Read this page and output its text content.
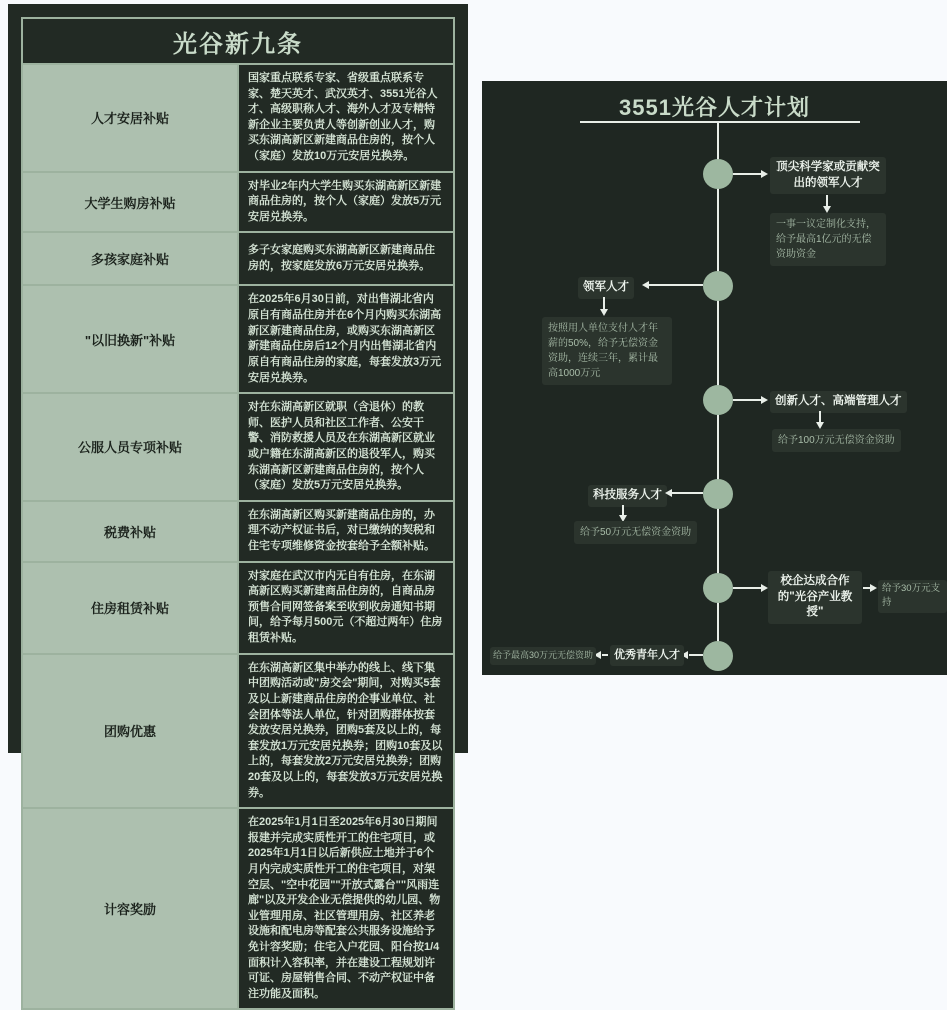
光谷新九条	
人才安居补贴	国家重点联系专家、省级重点联系专家、楚天英才、武汉英才、3551光谷人才、高级职称人才、海外人才及专精特新企业主要负责人等创新创业人才，购买东湖高新区新建商品住房的，按个人（家庭）发放10万元安居兑换券。
大学生购房补贴	对毕业2年内大学生购买东湖高新区新建商品住房的，按个人（家庭）发放5万元安居兑换券。
多孩家庭补贴	多子女家庭购买东湖高新区新建商品住房的，按家庭发放6万元安居兑换券。
"以旧换新"补贴	在2025年6月30日前，对出售湖北省内原自有商品住房并在6个月内购买东湖高新区新建商品住房，或购买东湖高新区新建商品住房后12个月内出售湖北省内原自有商品住房的家庭，每套发放3万元安居兑换券。
公服人员专项补贴	对在东湖高新区就职（含退休）的教师、医护人员和社区工作者、公安干警、消防救援人员及在东湖高新区就业或户籍在东湖高新区的退役军人，购买东湖高新区新建商品住房的，按个人（家庭）发放5万元安居兑换券。
税费补贴	在东湖高新区购买新建商品住房的，办理不动产权证书后，对已缴纳的契税和住宅专项维修资金按套给予全额补贴。
住房租赁补贴	对家庭在武汉市内无自有住房，在东湖高新区购买新建商品住房的，自商品房预售合同网签备案至收到收房通知书期间，给予每月500元（不超过两年）住房租赁补贴。
团购优惠	在东湖高新区集中举办的线上、线下集中团购活动或"房交会"期间，对购买5套及以上新建商品住房的企事业单位、社会团体等法人单位，针对团购群体按套发放安居兑换券，团购5套及以上的，每套发放1万元安居兑换券；团购10套及以上的，每套发放2万元安居兑换券；团购20套及以上的，每套发放3万元安居兑换券。
计容奖励	在2025年1月1日至2025年6月30日期间报建并完成实质性开工的住宅项目，或2025年1月1日以后新供应土地并于6个月内完成实质性开工的住宅项目，对架空层、"空中花园""开放式露台""风雨连廊"以及开发企业无偿提供的幼儿园、物业管理用房、社区管理用房、社区养老设施和配电房等配套公共服务设施给予免计容奖励；住宅入户花园、阳台按1/4面积计入容积率，并在建设工程规划许可证、房屋销售合同、不动产权证中备注功能及面积。
3551光谷人才计划
顶尖科学家或贡献突出的领军人才
一事一议定制化支持，给予最高1亿元的无偿资助资金
领军人才
按照用人单位支付人才年薪的50%，给予无偿资金资助，连续三年，累计最高1000万元
创新人才、高端管理人才
给予100万元无偿资金资助
科技服务人才
给予50万元无偿资金资助
校企达成合作的"光谷产业教授"
给予30万元支持
优秀青年人才
给予最高30万元无偿资助
